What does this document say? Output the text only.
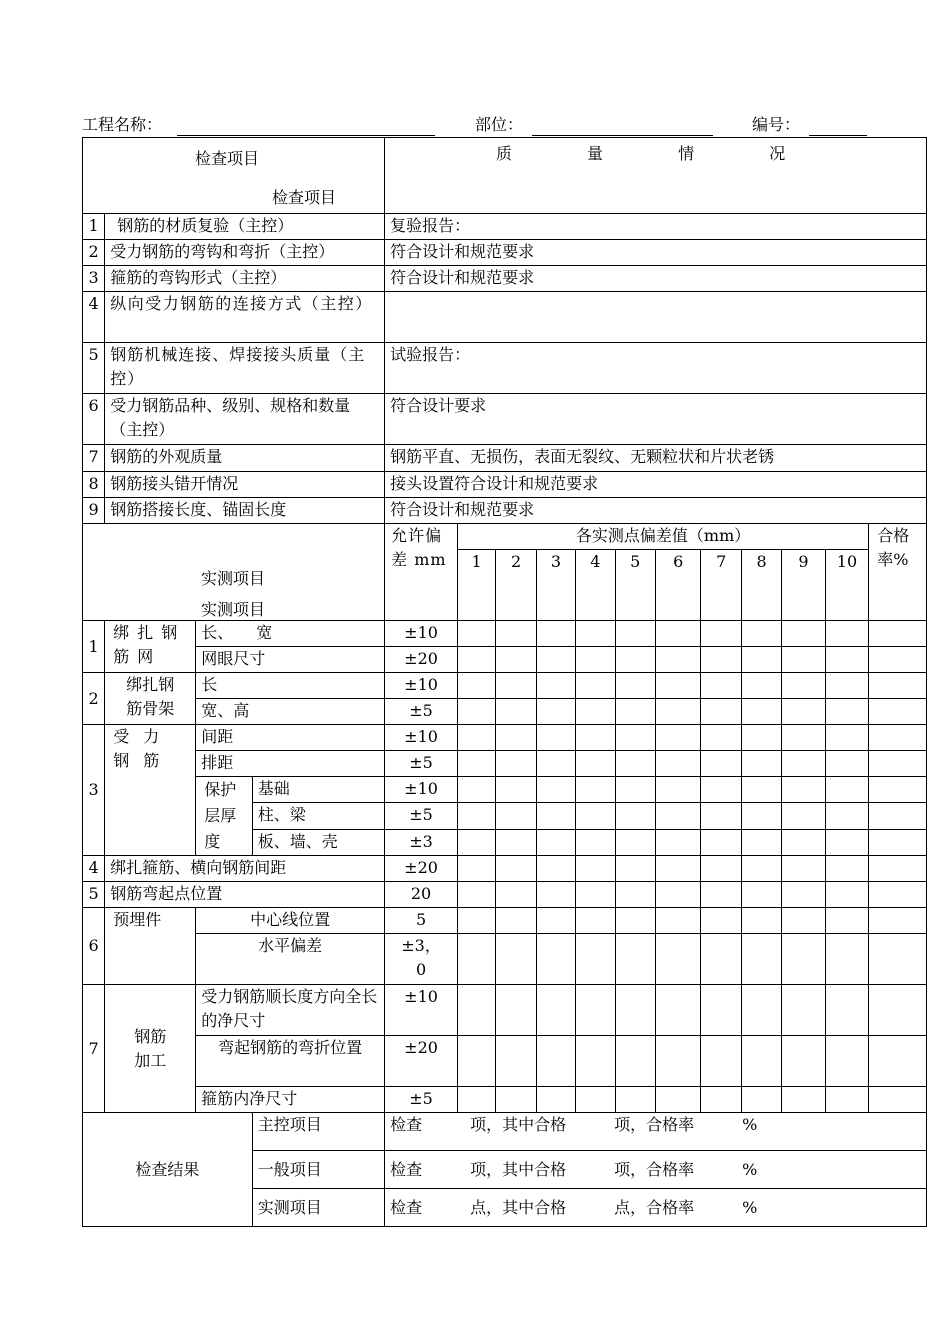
工程名称：	部位：	编号：
检查项目
检查项目				质 量 情 况											
1	钢筋的材质复验（主控）			复验报告：											
2	受力钢筋的弯钩和弯折（主控）			符合设计和规范要求											
3	箍筋的弯钩形式（主控）			符合设计和规范要求											
4	纵向受力钢筋的连接方式（主控）														
5	钢筋机械连接、焊接接头质量（主控）			试验报告：											
6	受力钢筋品种、级别、规格和数量（主控）			符合设计要求											
7	钢筋的外观质量			钢筋平直、无损伤，表面无裂纹、无颗粒状和片状老锈											
8	钢筋接头错开情况			接头设置符合设计和规范要求											
9	钢筋搭接长度、锚固长度			符合设计和规范要求											

实测项目
实测项目				允许偏差 mm	各实测点偏差值（mm）										合格率%
					1	2	3	4	5	6	7	8	9	10	
1	绑扎钢筋网	长、 宽		±10											
		网眼尺寸		±20											
2	绑扎钢筋骨架	长		±10											
		宽、高		±5											
3	受力钢筋	间距		±10											
		排距		±5											
		保护层厚度	基础	±10											
			柱、梁	±5											
			板、墙、壳	±3											
4	绑扎箍筋、横向钢筋间距			±20											
5	钢筋弯起点位置			20											
6	预埋件	中心线位置		5											
		水平偏差		±3，0											
7	钢筋加工	受力钢筋顺长度方向全长的净尺寸		±10											
		弯起钢筋的弯折位置		±20											
		箍筋内净尺寸		±5											
检查结果			主控项目	检查　　　项，其中合格　　　项，合格率　　　%											
			一般项目	检查　　　项，其中合格　　　项，合格率　　　%											
			实测项目	检查　　　点，其中合格　　　点，合格率　　　%											
